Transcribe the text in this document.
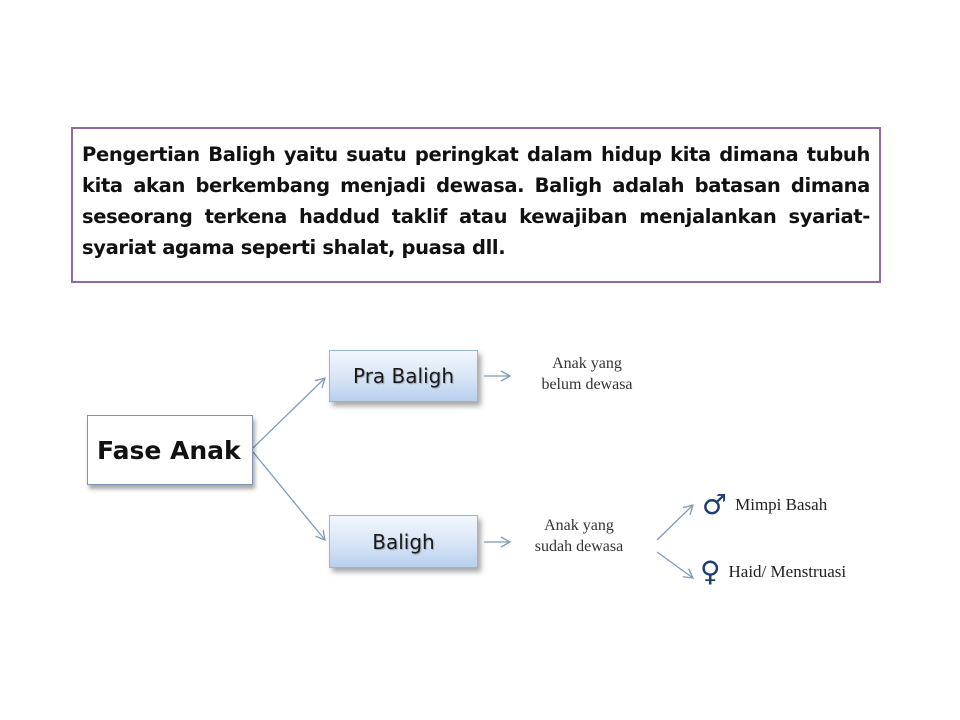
Pengertian Baligh yaitu suatu peringkat dalam hidup kita dimana tubuh kita akan berkembang menjadi dewasa. Baligh adalah batasan dimana seseorang terkena haddud taklif atau kewajiban menjalankan syariat-syariat agama seperti shalat, puasa dll.

Fase Anak
Pra Baligh
Anak yang
belum dewasa
Baligh
Anak yang
sudah dewasa
♂ Mimpi Basah
♀ Haid/ Menstruasi
